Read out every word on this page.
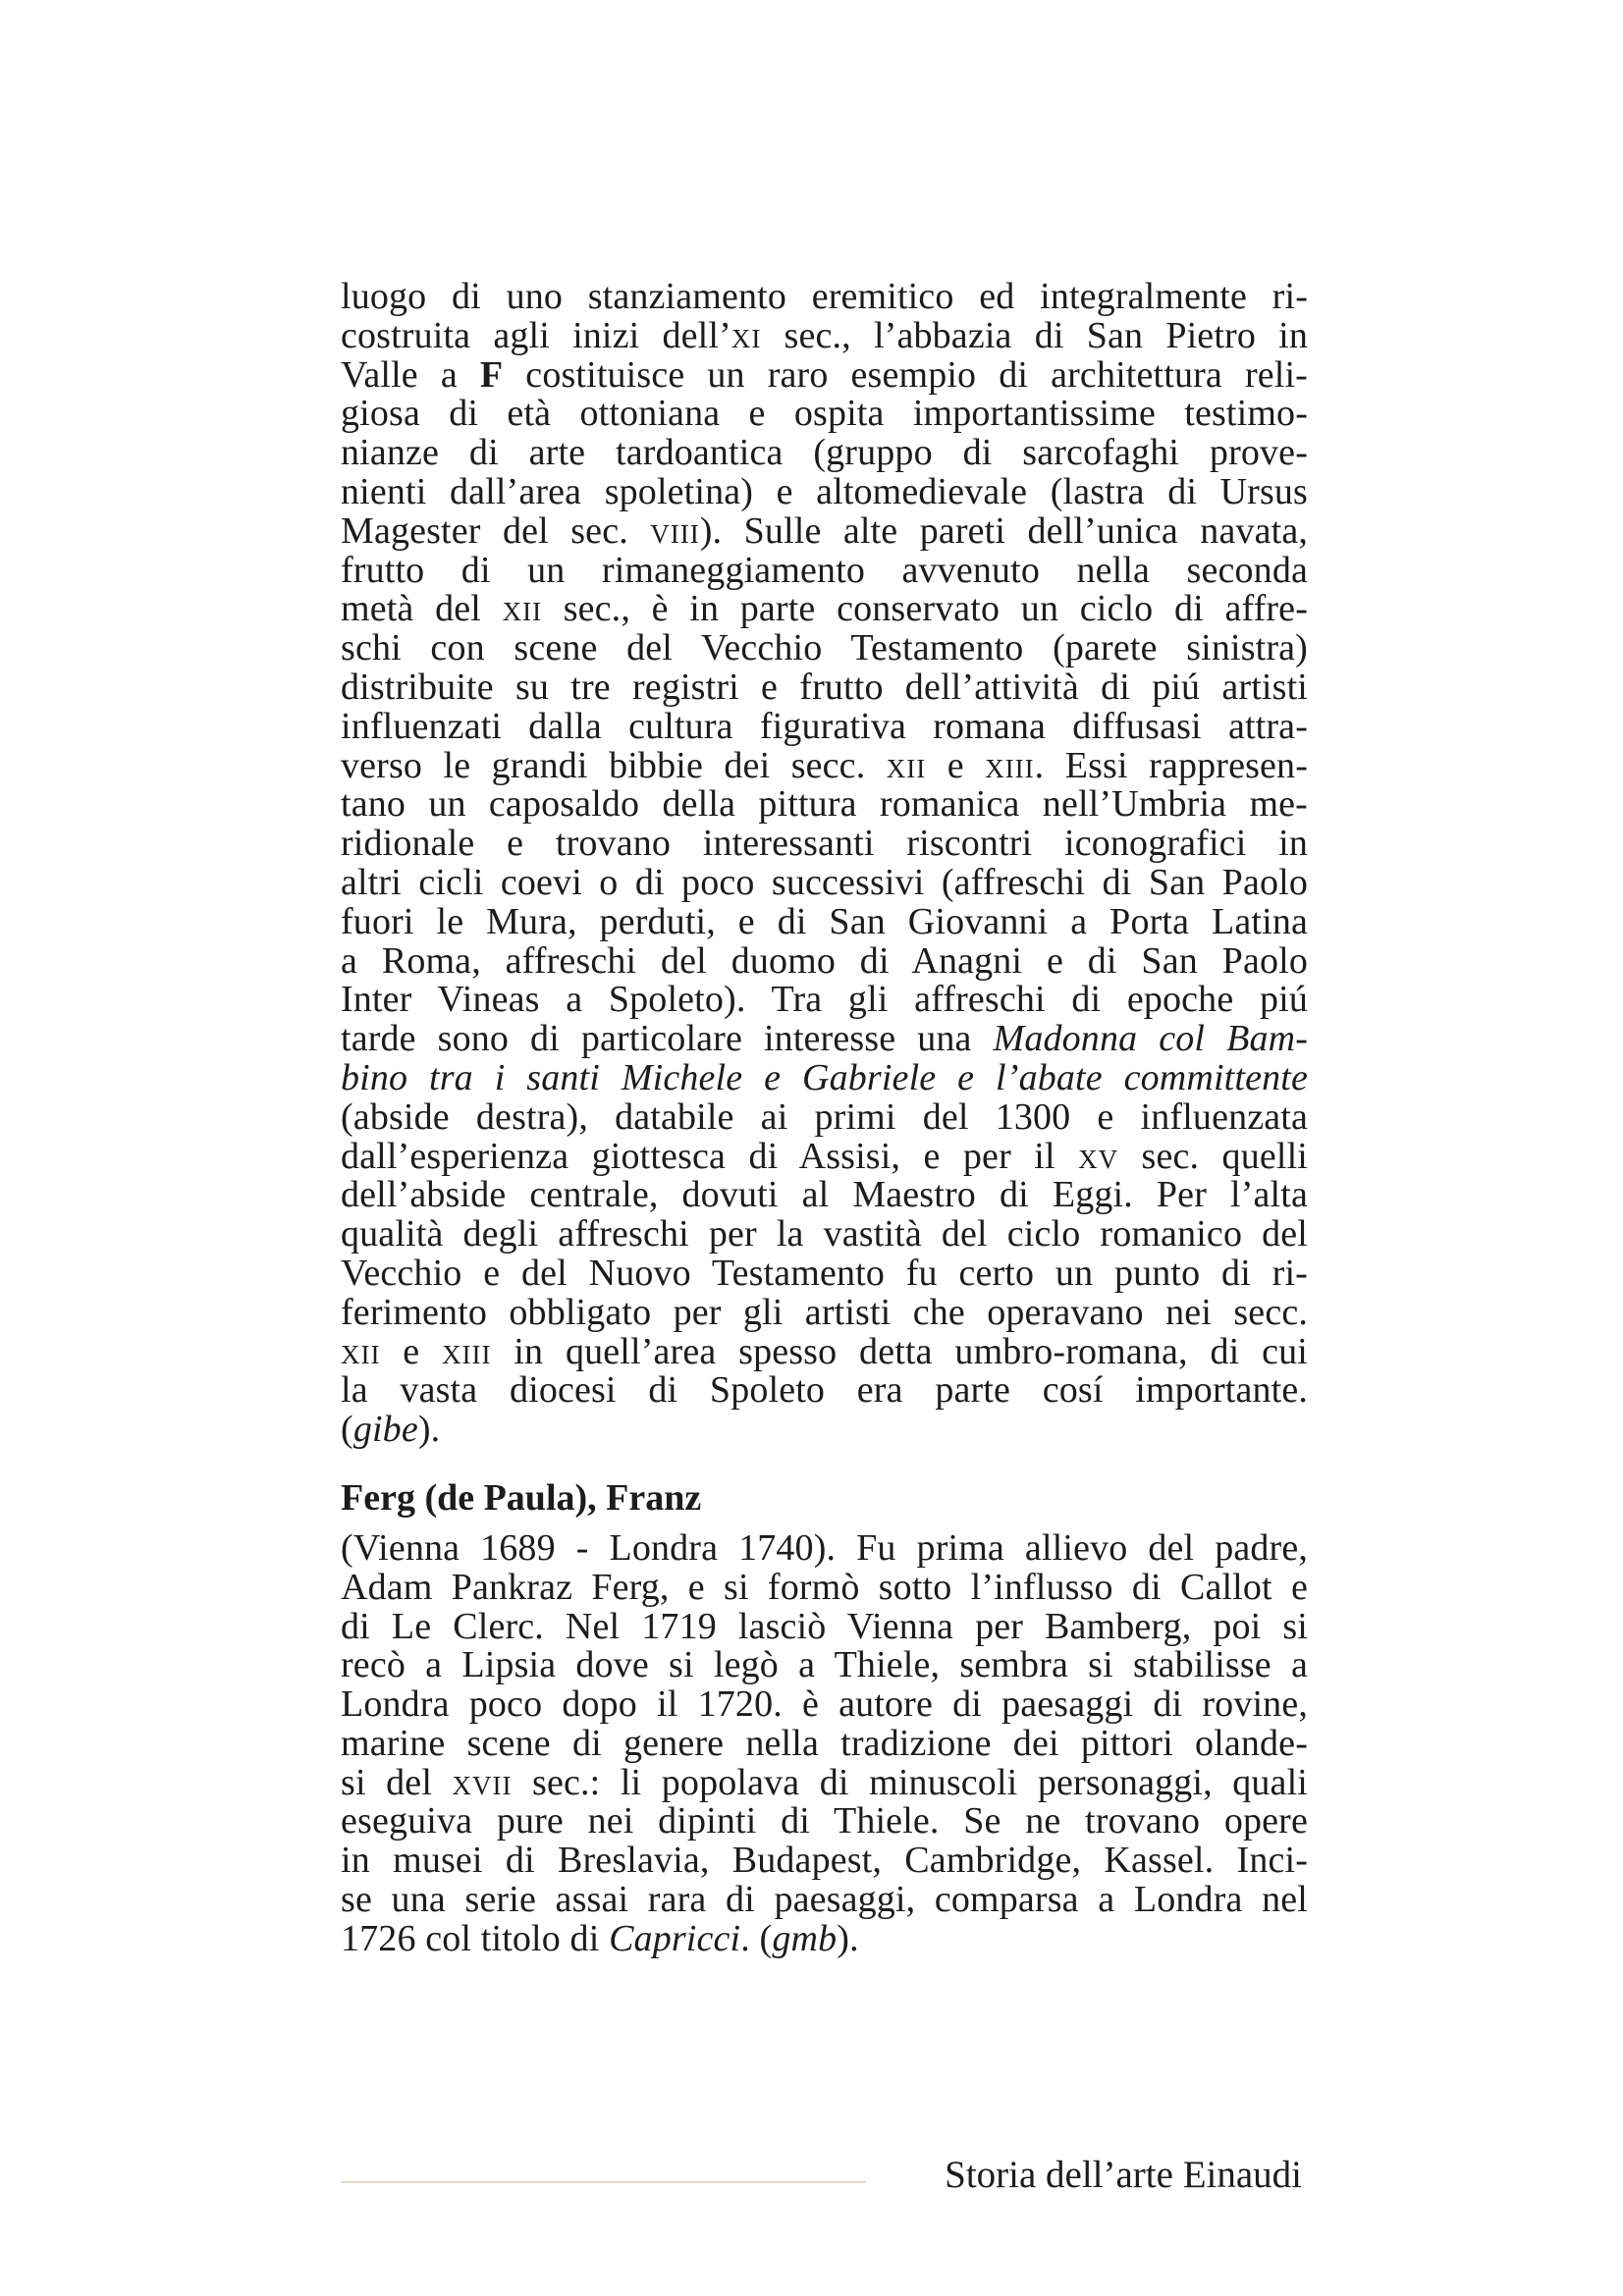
luogo di uno stanziamento eremitico ed integralmente ri-
costruita agli inizi dell’xi sec., l’abbazia di San Pietro in
Valle a F costituisce un raro esempio di architettura reli-
giosa di età ottoniana e ospita importantissime testimo-
nianze di arte tardoantica (gruppo di sarcofaghi prove-
nienti dall’area spoletina) e altomedievale (lastra di Ursus
Magester del sec. viii). Sulle alte pareti dell’unica navata,
frutto di un rimaneggiamento avvenuto nella seconda
metà del xii sec., è in parte conservato un ciclo di affre-
schi con scene del Vecchio Testamento (parete sinistra)
distribuite su tre registri e frutto dell’attività di piú artisti
influenzati dalla cultura figurativa romana diffusasi attra-
verso le grandi bibbie dei secc. xii e xiii. Essi rappresen-
tano un caposaldo della pittura romanica nell’Umbria me-
ridionale e trovano interessanti riscontri iconografici in
altri cicli coevi o di poco successivi (affreschi di San Paolo
fuori le Mura, perduti, e di San Giovanni a Porta Latina
a Roma, affreschi del duomo di Anagni e di San Paolo
Inter Vineas a Spoleto). Tra gli affreschi di epoche piú
tarde sono di particolare interesse una Madonna col Bam-
bino tra i santi Michele e Gabriele e l’abate committente
(abside destra), databile ai primi del 1300 e influenzata
dall’esperienza giottesca di Assisi, e per il xv sec. quelli
dell’abside centrale, dovuti al Maestro di Eggi. Per l’alta
qualità degli affreschi per la vastità del ciclo romanico del
Vecchio e del Nuovo Testamento fu certo un punto di ri-
ferimento obbligato per gli artisti che operavano nei secc.
xii e xiii in quell’area spesso detta umbro-romana, di cui
la vasta diocesi di Spoleto era parte cosí importante.
(gibe).
Ferg (de Paula), Franz
(Vienna 1689 - Londra 1740). Fu prima allievo del padre,
Adam Pankraz Ferg, e si formò sotto l’influsso di Callot e
di Le Clerc. Nel 1719 lasciò Vienna per Bamberg, poi si
recò a Lipsia dove si legò a Thiele, sembra si stabilisse a
Londra poco dopo il 1720. è autore di paesaggi di rovine,
marine scene di genere nella tradizione dei pittori olande-
si del xvii sec.: li popolava di minuscoli personaggi, quali
eseguiva pure nei dipinti di Thiele. Se ne trovano opere
in musei di Breslavia, Budapest, Cambridge, Kassel. Inci-
se una serie assai rara di paesaggi, comparsa a Londra nel
1726 col titolo di Capricci. (gmb).
Storia dell’arte Einaudi
